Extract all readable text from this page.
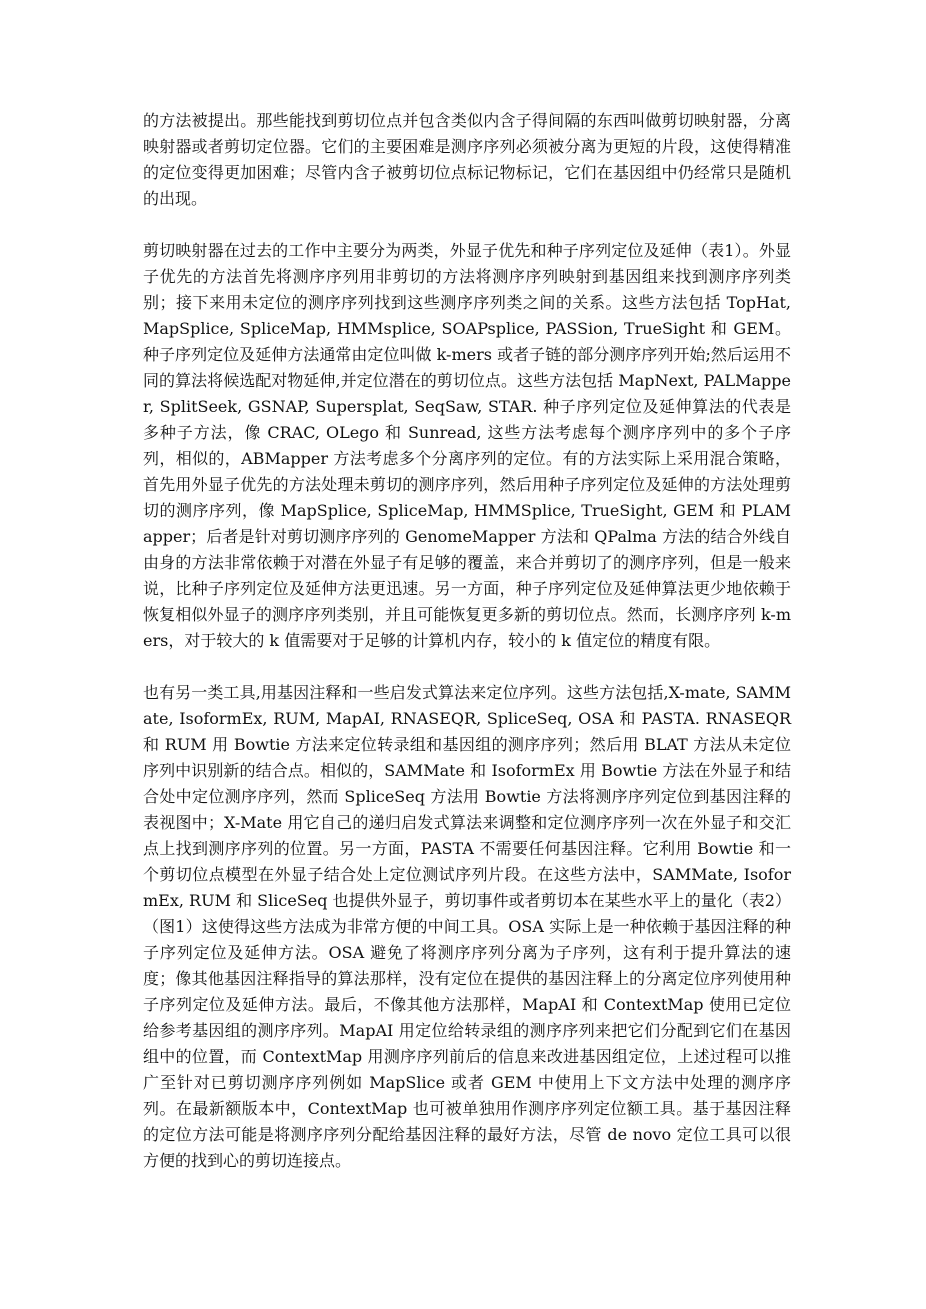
的方法被提出。那些能找到剪切位点并包含类似内含子得间隔的东西叫做剪切映射器，分离映射器或者剪切定位器。它们的主要困难是测序序列必须被分离为更短的片段，这使得精准的定位变得更加困难；尽管内含子被剪切位点标记物标记，它们在基因组中仍经常只是随机的出现。

剪切映射器在过去的工作中主要分为两类，外显子优先和种子序列定位及延伸（表1）。外显子优先的方法首先将测序序列用非剪切的方法将测序序列映射到基因组来找到测序序列类别；接下来用未定位的测序序列找到这些测序序列类之间的关系。这些方法包括 TopHat, MapSplice, SpliceMap, HMMsplice, SOAPsplice, PASSion, TrueSight 和 GEM。种子序列定位及延伸方法通常由定位叫做 k-mers 或者子链的部分测序序列开始;然后运用不同的算法将候选配对物延伸,并定位潜在的剪切位点。这些方法包括 MapNext, PALMapper, SplitSeek, GSNAP, Supersplat, SeqSaw, STAR. 种子序列定位及延伸算法的代表是多种子方法，像 CRAC, OLego 和 Sunread, 这些方法考虑每个测序序列中的多个子序列，相似的，ABMapper 方法考虑多个分离序列的定位。有的方法实际上采用混合策略，首先用外显子优先的方法处理未剪切的测序序列，然后用种子序列定位及延伸的方法处理剪切的测序序列，像 MapSplice, SpliceMap, HMMSplice, TrueSight, GEM 和 PLAMapper；后者是针对剪切测序序列的 GenomeMapper 方法和 QPalma 方法的结合外线自由身的方法非常依赖于对潜在外显子有足够的覆盖，来合并剪切了的测序序列，但是一般来说，比种子序列定位及延伸方法更迅速。另一方面，种子序列定位及延伸算法更少地依赖于恢复相似外显子的测序序列类别，并且可能恢复更多新的剪切位点。然而，长测序序列 k-mers，对于较大的 k 值需要对于足够的计算机内存，较小的 k 值定位的精度有限。

也有另一类工具,用基因注释和一些启发式算法来定位序列。这些方法包括,X-mate, SAMMate, IsoformEx, RUM, MapAI, RNASEQR, SpliceSeq, OSA 和 PASTA. RNASEQR 和 RUM 用 Bowtie 方法来定位转录组和基因组的测序序列；然后用 BLAT 方法从未定位序列中识别新的结合点。相似的，SAMMate 和 IsoformEx 用 Bowtie 方法在外显子和结合处中定位测序序列，然而 SpliceSeq 方法用 Bowtie 方法将测序序列定位到基因注释的表视图中；X-Mate 用它自己的递归启发式算法来调整和定位测序序列一次在外显子和交汇点上找到测序序列的位置。另一方面，PASTA 不需要任何基因注释。它利用 Bowtie 和一个剪切位点模型在外显子结合处上定位测试序列片段。在这些方法中，SAMMate, IsoformEx, RUM 和 SliceSeq 也提供外显子，剪切事件或者剪切本在某些水平上的量化（表2）（图1）这使得这些方法成为非常方便的中间工具。OSA 实际上是一种依赖于基因注释的种子序列定位及延伸方法。OSA 避免了将测序序列分离为子序列，这有利于提升算法的速度；像其他基因注释指导的算法那样，没有定位在提供的基因注释上的分离定位序列使用种子序列定位及延伸方法。最后，不像其他方法那样，MapAI 和 ContextMap 使用已定位给参考基因组的测序序列。MapAI 用定位给转录组的测序序列来把它们分配到它们在基因组中的位置，而 ContextMap 用测序序列前后的信息来改进基因组定位，上述过程可以推广至针对已剪切测序序列例如 MapSlice 或者 GEM 中使用上下文方法中处理的测序序列。在最新额版本中，ContextMap 也可被单独用作测序序列定位额工具。基于基因注释的定位方法可能是将测序序列分配给基因注释的最好方法，尽管 de novo 定位工具可以很方便的找到心的剪切连接点。
